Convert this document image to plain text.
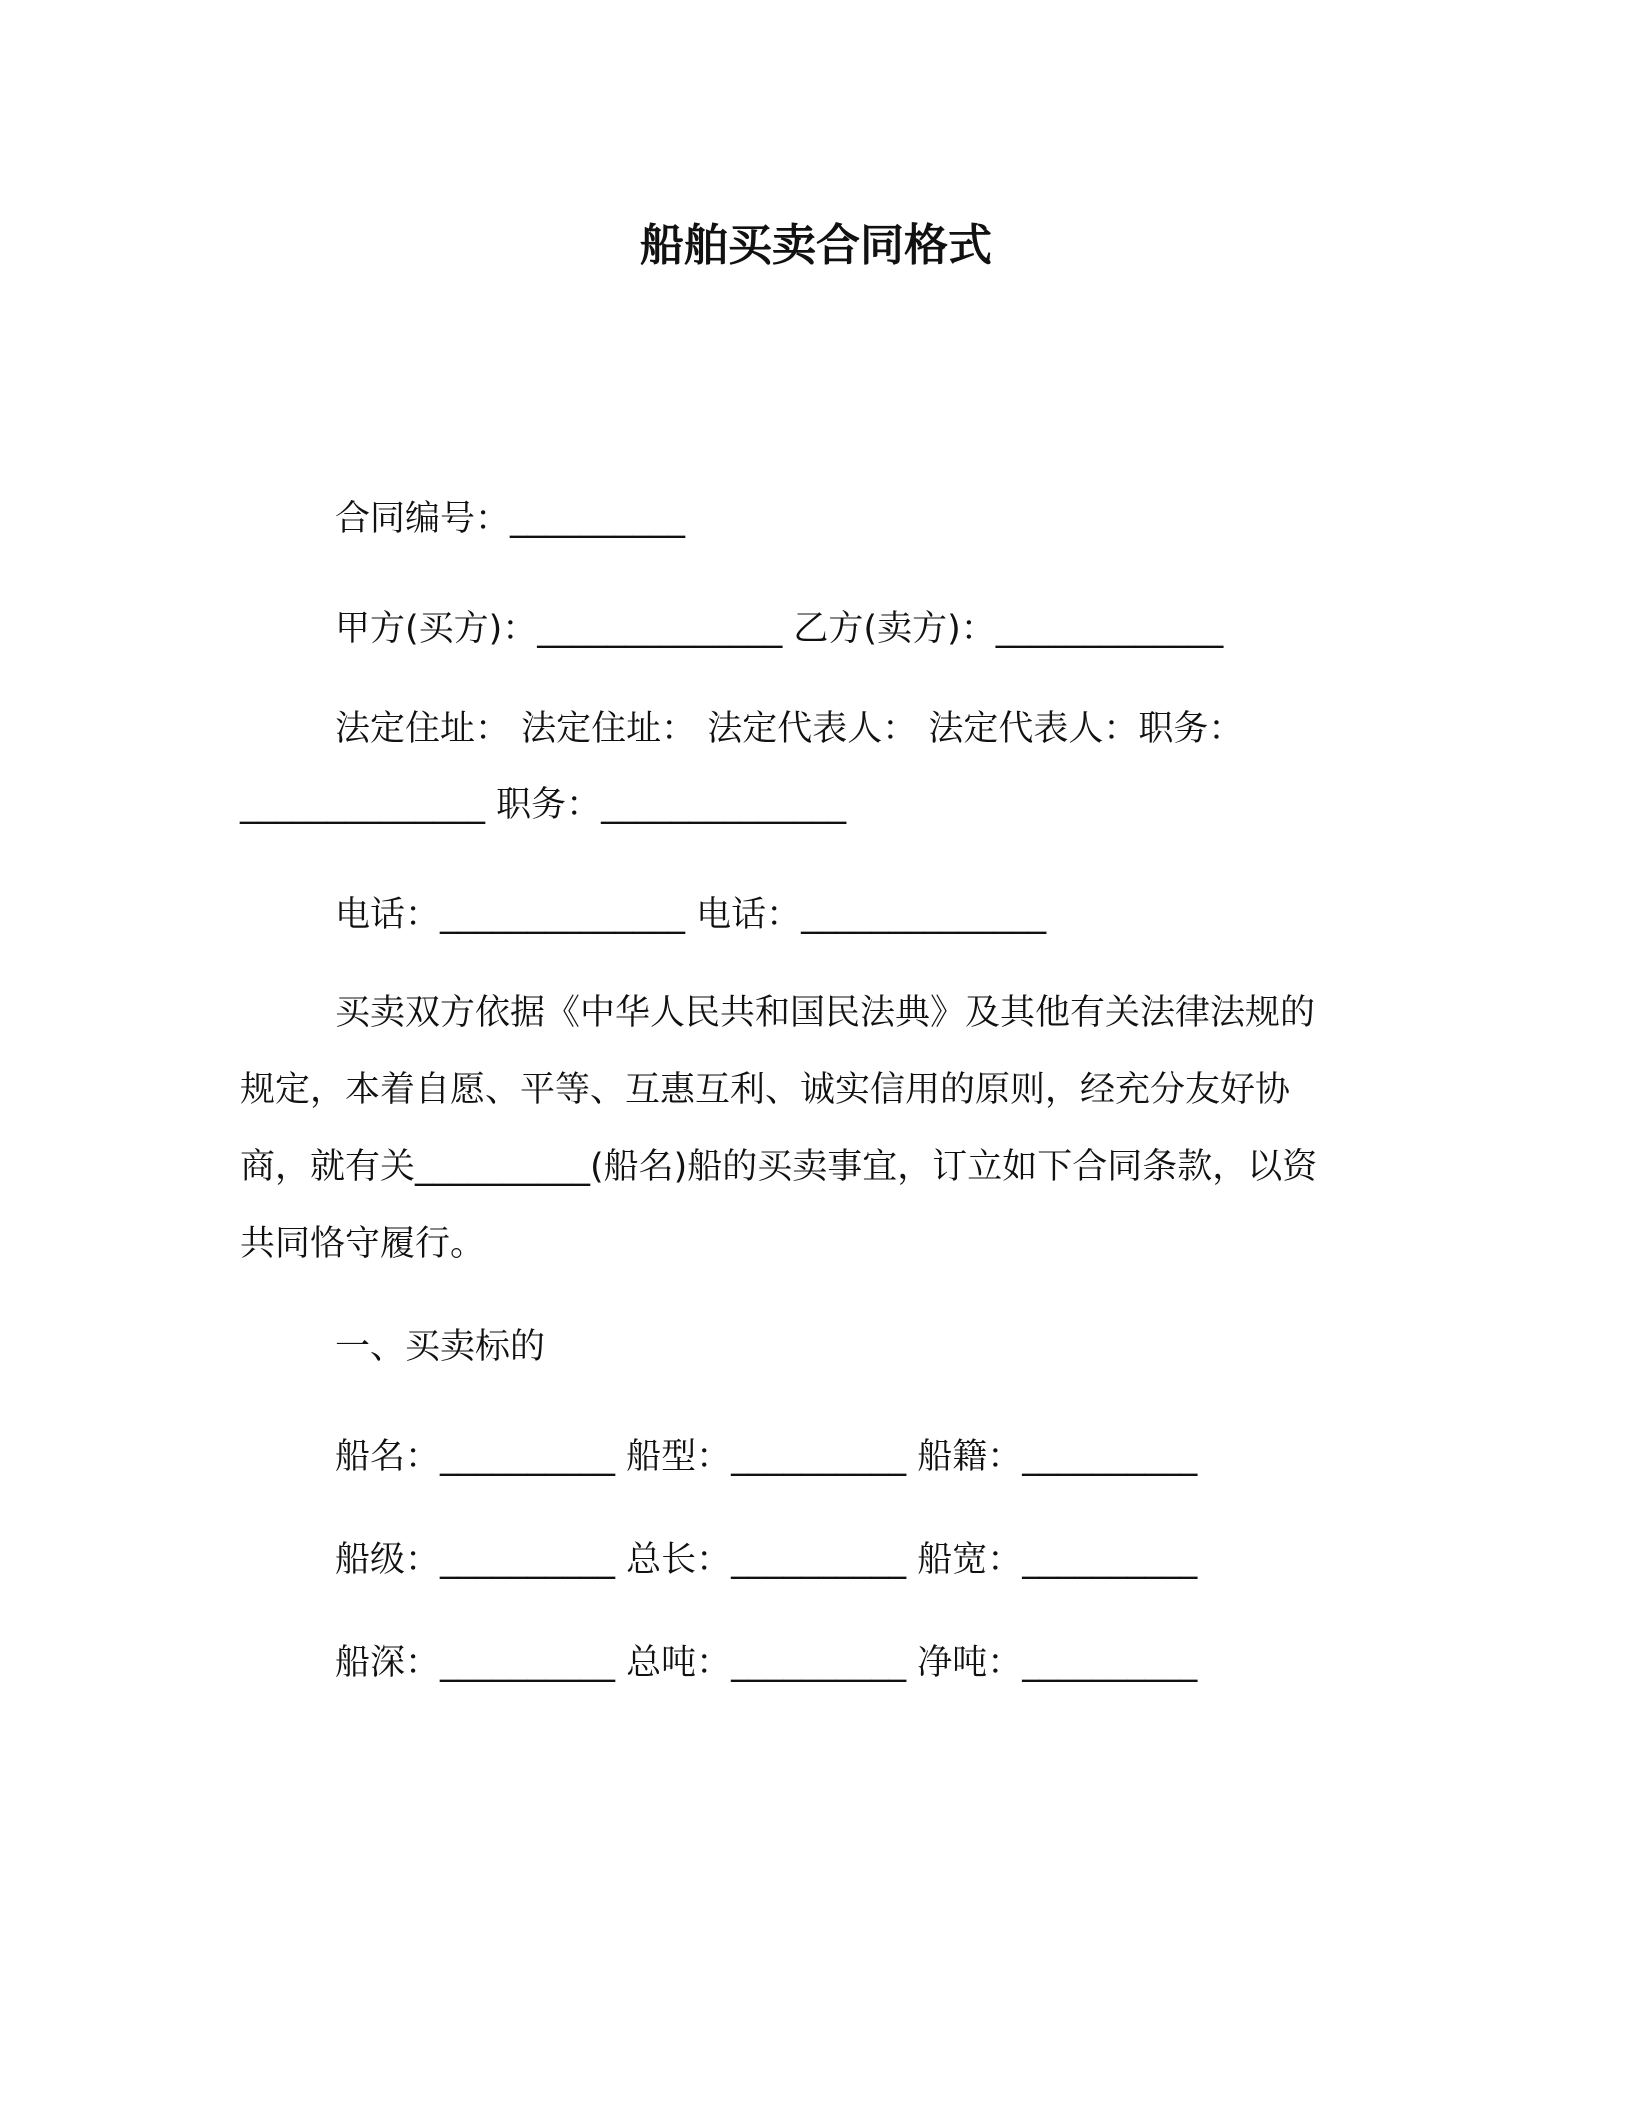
船舶买卖合同格式
合同编号：__________
甲方(买方)：______________ 乙方(卖方)：_____________
法定住址： 法定住址： 法定代表人： 法定代表人：职务：
______________ 职务：______________
电话：______________ 电话：______________
买卖双方依据《中华人民共和国民法典》及其他有关法律法规的
规定，本着自愿、平等、互惠互利、诚实信用的原则，经充分友好协
商，就有关__________(船名)船的买卖事宜，订立如下合同条款，以资
共同恪守履行。
一、买卖标的
船名：__________ 船型：__________ 船籍：__________
船级：__________ 总长：__________ 船宽：__________
船深：__________ 总吨：__________ 净吨：__________
